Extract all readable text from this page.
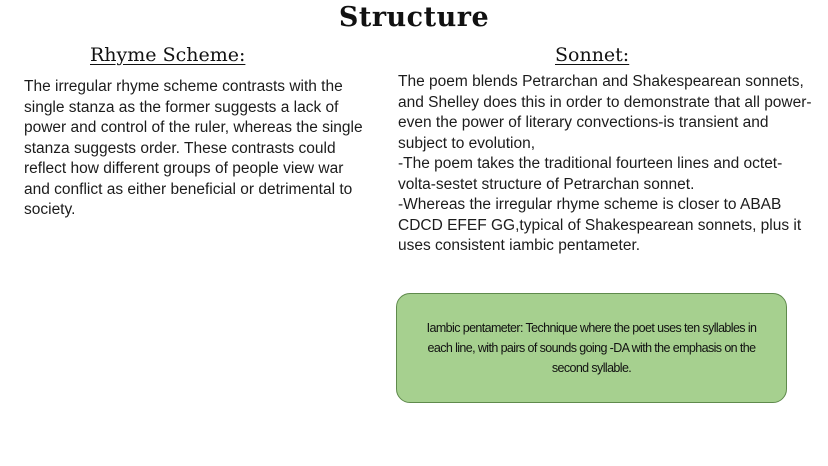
Structure
Rhyme Scheme:
The irregular rhyme scheme contrasts with the single stanza as the former suggests a lack of power and control of the ruler, whereas the single stanza suggests order. These contrasts could reflect how different groups of people view war and conflict as either beneficial or detrimental to society.
Sonnet:
The poem blends Petrarchan and Shakespearean sonnets, and Shelley does this in order to demonstrate that all power-even the power of literary convections-is transient and subject to evolution,
-The poem takes the traditional fourteen lines and octet-volta-sestet structure of Petrarchan sonnet.
-Whereas the irregular rhyme scheme is closer to ABAB CDCD EFEF GG,typical of Shakespearean sonnets, plus it uses consistent iambic pentameter.
Iambic pentameter: Technique where the poet uses ten syllables in each line, with pairs of sounds going -DA with the emphasis on the second syllable.
